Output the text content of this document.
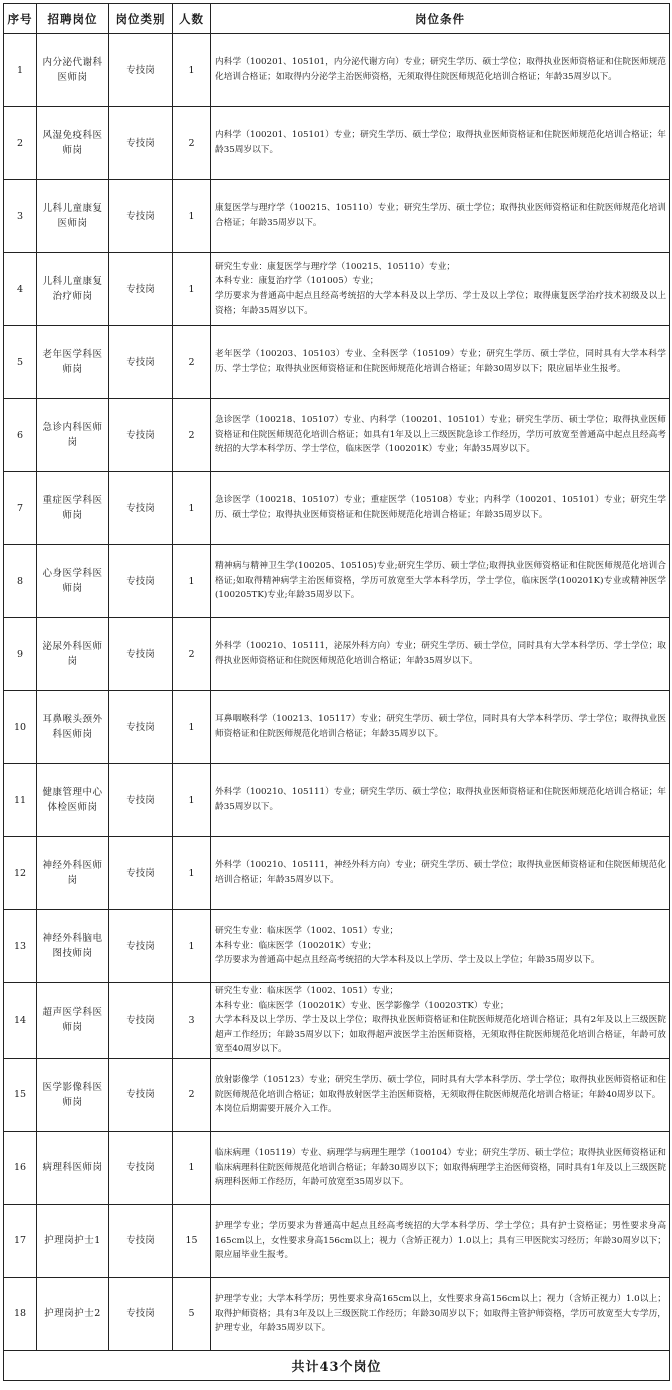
序号	招聘岗位	岗位类别	人数	岗位条件
1	内分泌代谢科医师岗	专技岗	1	内科学（100201、105101，内分泌代谢方向）专业；研究生学历、硕士学位；取得执业医师资格证和住院医师规范化培训合格证；如取得内分泌学主治医师资格，无须取得住院医师规范化培训合格证；年龄35周岁以下。
2	风湿免疫科医师岗	专技岗	2	内科学（100201、105101）专业；研究生学历、硕士学位；取得执业医师资格证和住院医师规范化培训合格证；年龄35周岁以下。
3	儿科儿童康复医师岗	专技岗	1	康复医学与理疗学（100215、105110）专业；研究生学历、硕士学位；取得执业医师资格证和住院医师规范化培训合格证；年龄35周岁以下。
4	儿科儿童康复治疗师岗	专技岗	1	研究生专业：康复医学与理疗学（100215、105110）专业；
本科专业：康复治疗学（101005）专业；
学历要求为普通高中起点且经高考统招的大学本科及以上学历、学士及以上学位；取得康复医学治疗技术初级及以上资格；年龄35周岁以下。
5	老年医学科医师岗	专技岗	2	老年医学（100203、105103）专业、全科医学（105109）专业；研究生学历、硕士学位，同时具有大学本科学历、学士学位；取得执业医师资格证和住院医师规范化培训合格证；年龄30周岁以下；限应届毕业生报考。
6	急诊内科医师岗	专技岗	2	急诊医学（100218、105107）专业、内科学（100201、105101）专业；研究生学历、硕士学位；取得执业医师资格证和住院医师规范化培训合格证；如具有1年及以上三级医院急诊工作经历，学历可放宽至普通高中起点且经高考统招的大学本科学历、学士学位，临床医学（100201K）专业；年龄35周岁以下。
7	重症医学科医师岗	专技岗	1	急诊医学（100218、105107）专业；重症医学（105108）专业；内科学（100201、105101）专业；研究生学历、硕士学位；取得执业医师资格证和住院医师规范化培训合格证；年龄35周岁以下。
8	心身医学科医师岗	专技岗	1	精神病与精神卫生学(100205、105105)专业;研究生学历、硕士学位;取得执业医师资格证和住院医师规范化培训合格证;如取得精神病学主治医师资格，学历可放宽至大学本科学历，学士学位，临床医学(100201K)专业或精神医学(100205TK)专业;年龄35周岁以下。
9	泌尿外科医师岗	专技岗	2	外科学（100210、105111，泌尿外科方向）专业；研究生学历、硕士学位，同时具有大学本科学历、学士学位；取得执业医师资格证和住院医师规范化培训合格证；年龄35周岁以下。
10	耳鼻喉头颈外科医师岗	专技岗	1	耳鼻咽喉科学（100213、105117）专业；研究生学历、硕士学位，同时具有大学本科学历、学士学位；取得执业医师资格证和住院医师规范化培训合格证；年龄35周岁以下。
11	健康管理中心体检医师岗	专技岗	1	外科学（100210、105111）专业；研究生学历、硕士学位；取得执业医师资格证和住院医师规范化培训合格证；年龄35周岁以下。
12	神经外科医师岗	专技岗	1	外科学（100210、105111，神经外科方向）专业；研究生学历、硕士学位；取得执业医师资格证和住院医师规范化培训合格证；年龄35周岁以下。
13	神经外科脑电图技师岗	专技岗	1	研究生专业：临床医学（1002、1051）专业；
本科专业：临床医学（100201K）专业；
学历要求为普通高中起点且经高考统招的大学本科及以上学历、学士及以上学位；年龄35周岁以下。
14	超声医学科医师岗	专技岗	3	研究生专业：临床医学（1002、1051）专业；
本科专业：临床医学（100201K）专业、医学影像学（100203TK）专业；
大学本科及以上学历、学士及以上学位；取得执业医师资格证和住院医师规范化培训合格证；具有2年及以上三级医院超声工作经历；年龄35周岁以下；如取得超声波医学主治医师资格，无须取得住院医师规范化培训合格证，年龄可放宽至40周岁以下。
15	医学影像科医师岗	专技岗	2	放射影像学（105123）专业；研究生学历、硕士学位，同时具有大学本科学历、学士学位；取得执业医师资格证和住院医师规范化培训合格证；如取得放射医学主治医师资格，无须取得住院医师规范化培训合格证；年龄40周岁以下。
本岗位后期需要开展介入工作。
16	病理科医师岗	专技岗	1	临床病理（105119）专业、病理学与病理生理学（100104）专业；研究生学历、硕士学位；取得执业医师资格证和临床病理科住院医师规范化培训合格证；年龄30周岁以下；如取得病理学主治医师资格，同时具有1年及以上三级医院病理科医师工作经历，年龄可放宽至35周岁以下。
17	护理岗护士1	专技岗	15	护理学专业；学历要求为普通高中起点且经高考统招的大学本科学历、学士学位；具有护士资格证；男性要求身高165cm以上，女性要求身高156cm以上；视力（含矫正视力）1.0以上；具有三甲医院实习经历；年龄30周岁以下；限应届毕业生报考。
18	护理岗护士2	专技岗	5	护理学专业；大学本科学历；男性要求身高165cm以上，女性要求身高156cm以上；视力（含矫正视力）1.0以上；取得护师资格；具有3年及以上三级医院工作经历；年龄30周岁以下；如取得主管护师资格，学历可放宽至大专学历，护理专业，年龄35周岁以下。
共计43个岗位				
